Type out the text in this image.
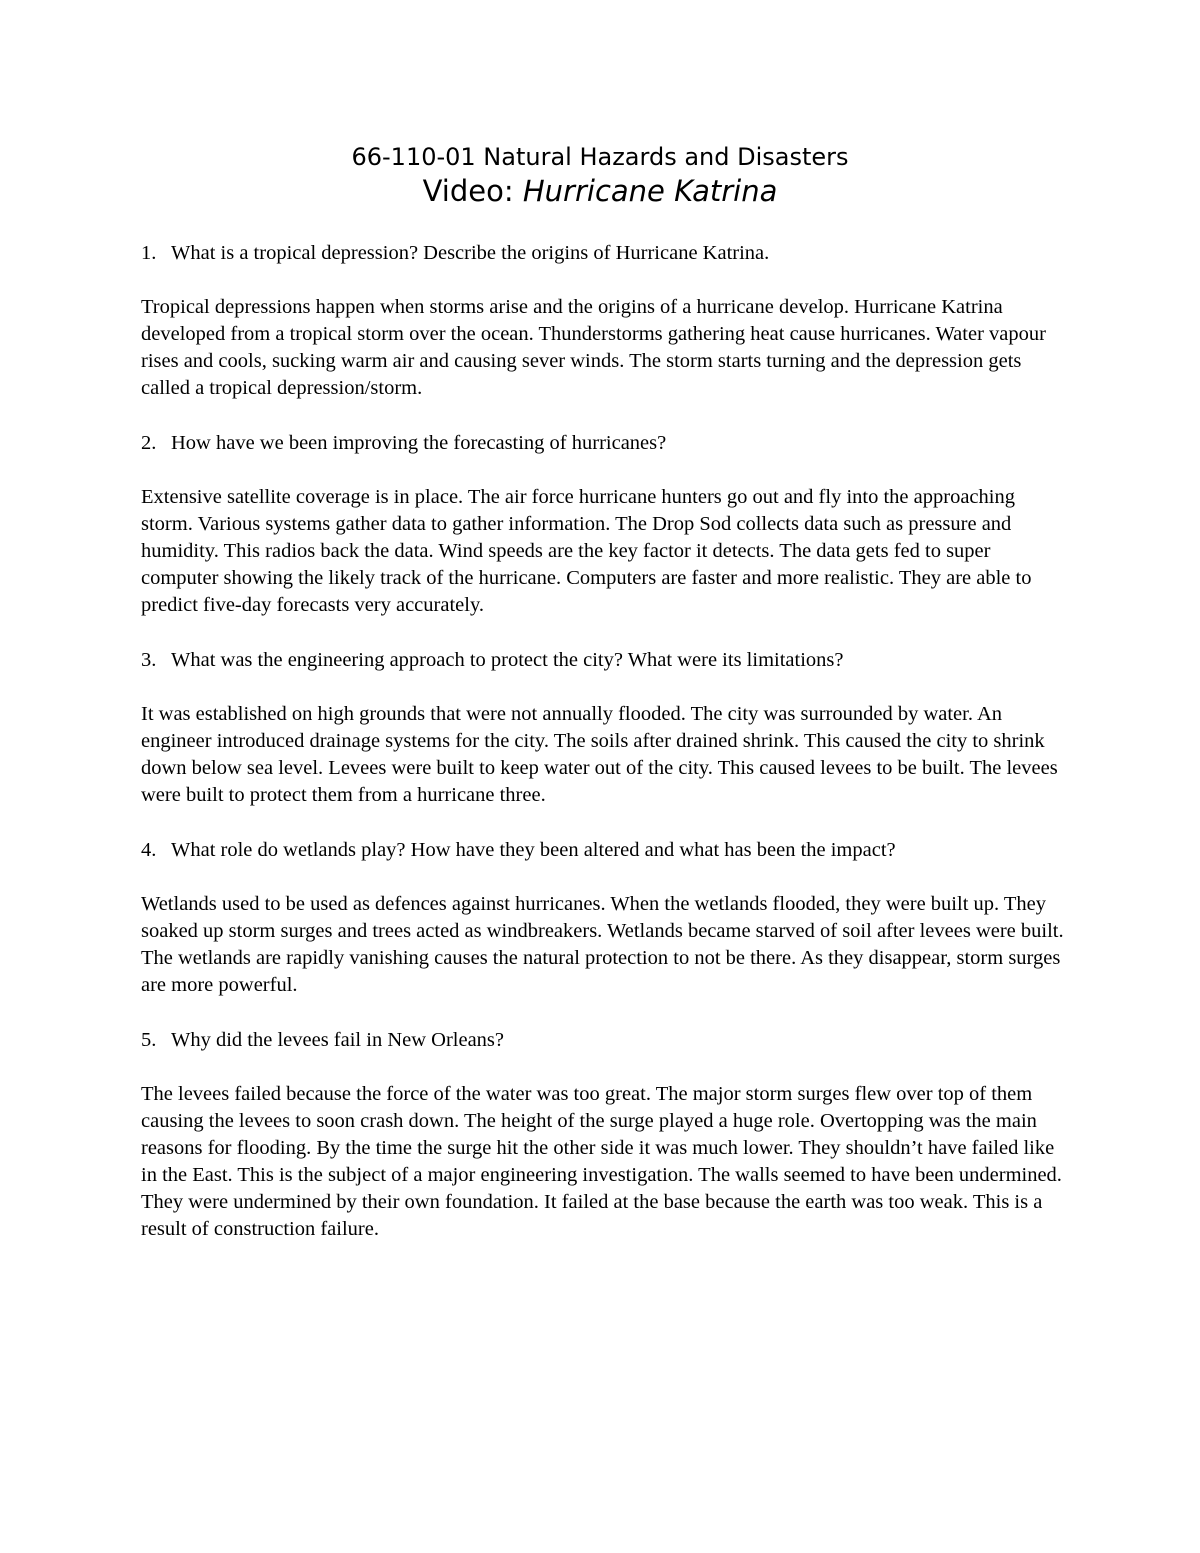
66-110-01 Natural Hazards and Disasters
Video: Hurricane Katrina
1. What is a tropical depression? Describe the origins of Hurricane Katrina.

Tropical depressions happen when storms arise and the origins of a hurricane develop. Hurricane Katrina developed from a tropical storm over the ocean. Thunderstorms gathering heat cause hurricanes. Water vapour rises and cools, sucking warm air and causing sever winds. The storm starts turning and the depression gets called a tropical depression/storm.

2. How have we been improving the forecasting of hurricanes?

Extensive satellite coverage is in place. The air force hurricane hunters go out and fly into the approaching storm. Various systems gather data to gather information. The Drop Sod collects data such as pressure and humidity. This radios back the data. Wind speeds are the key factor it detects. The data gets fed to super computer showing the likely track of the hurricane. Computers are faster and more realistic. They are able to predict five-day forecasts very accurately.

3. What was the engineering approach to protect the city? What were its limitations?

It was established on high grounds that were not annually flooded. The city was surrounded by water. An engineer introduced drainage systems for the city. The soils after drained shrink. This caused the city to shrink down below sea level. Levees were built to keep water out of the city. This caused levees to be built. The levees were built to protect them from a hurricane three.

4. What role do wetlands play? How have they been altered and what has been the impact?

Wetlands used to be used as defences against hurricanes. When the wetlands flooded, they were built up. They soaked up storm surges and trees acted as windbreakers. Wetlands became starved of soil after levees were built. The wetlands are rapidly vanishing causes the natural protection to not be there. As they disappear, storm surges are more powerful.

5. Why did the levees fail in New Orleans?

The levees failed because the force of the water was too great. The major storm surges flew over top of them causing the levees to soon crash down. The height of the surge played a huge role. Overtopping was the main reasons for flooding. By the time the surge hit the other side it was much lower. They shouldn’t have failed like in the East. This is the subject of a major engineering investigation. The walls seemed to have been undermined. They were undermined by their own foundation. It failed at the base because the earth was too weak. This is a result of construction failure.
